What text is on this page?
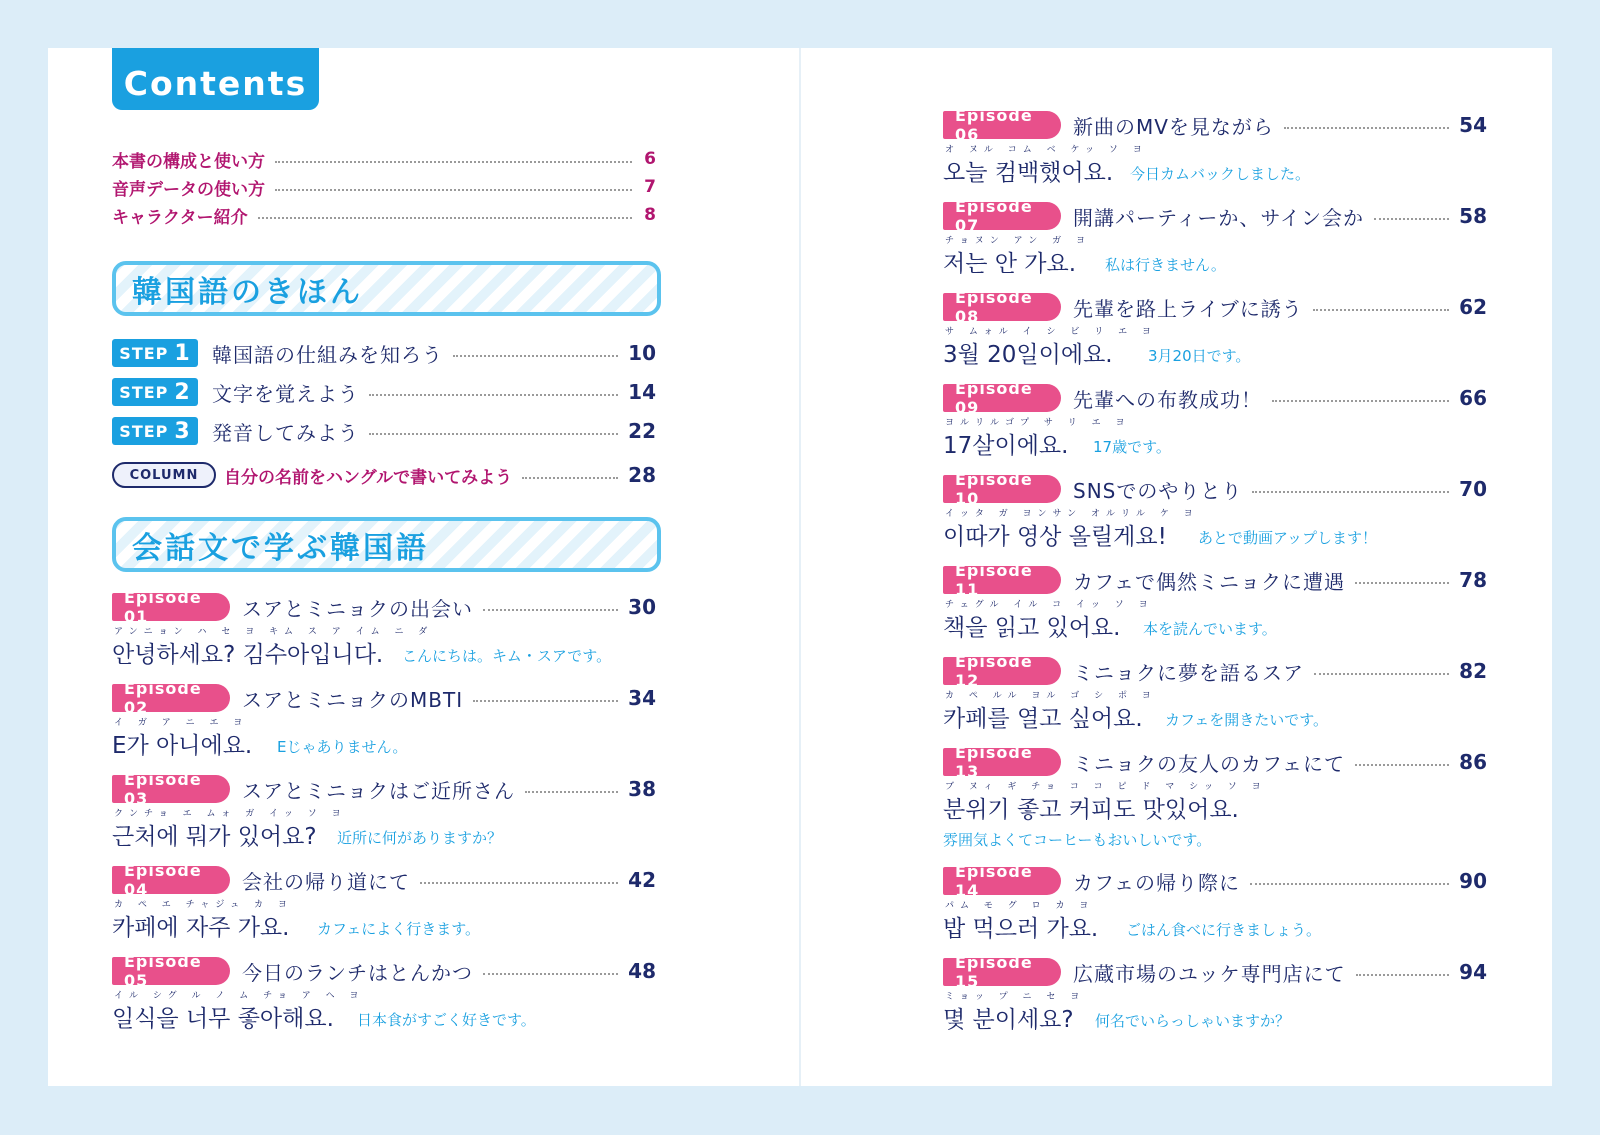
Contents
本書の構成と使い方	6
音声データの使い方	7
キャラクター紹介	8
韓国語のきほん
STEP 1 韓国語の仕組みを知ろう	10
STEP 2 文字を覚えよう	14
STEP 3 発音してみよう	22
COLUMN	自分の名前をハングルで書いてみよう	28
会話文で学ぶ韓国語
Episode 01	スアとミニョクの出会い	30
アンニョン ハ セ ヨ キム ス ア イム ニ ダ
안녕하세요? 김수아입니다. こんにちは。キム・スアです。
Episode 02	スアとミニョクのMBTI	34
イ ガ ア ニ エ ヨ
E가 아니에요. Eじゃありません。
Episode 03	スアとミニョクはご近所さん	38
クンチョ エ ムォ ガ イッ ソ ヨ
근처에 뭐가 있어요? 近所に何がありますか？
Episode 04	会社の帰り道にて	42
カ ペ エ チャジュ カ ヨ
카페에 자주 가요. カフェによく行きます。
Episode 05	今日のランチはとんかつ	48
イル シグ ル ノ ム チョ ア ヘ ヨ
일식을 너무 좋아해요. 日本食がすごく好きです。
Episode 06	新曲のMVを見ながら	54
オ ヌル コム ベ ケッ ソ ヨ
오늘 컴백했어요. 今日カムバックしました。
Episode 07	開講パーティーか、サイン会か	58
チョヌン アン ガ ヨ
저는 안 가요. 私は行きません。
Episode 08	先輩を路上ライブに誘う	62
サ ムォル イ シ ビ リ エ ヨ
3월 20일이에요. 3月20日です。
Episode 09	先輩への布教成功！	66
ヨルリルゴプ サ リ エ ヨ
17살이에요. 17歳です。
Episode 10	SNSでのやりとり	70
イッタ ガ ヨンサン オルリル ケ ヨ
이따가 영상 올릴게요! あとで動画アップします！
Episode 11	カフェで偶然ミニョクに遭遇	78
チェグル イル コ イッ ソ ヨ
책을 읽고 있어요. 本を読んでいます。
Episode 12	ミニョクに夢を語るスア	82
カ ペ ルル ヨル ゴ シ ポ ヨ
카페를 열고 싶어요. カフェを開きたいです。
Episode 13	ミニョクの友人のカフェにて	86
ブ ヌィ ギ チョ コ コ ピ ド マ シッ ソ ヨ
분위기 좋고 커피도 맛있어요.
雰囲気よくてコーヒーもおいしいです。
Episode 14	カフェの帰り際に	90
パム モ グ ロ カ ヨ
밥 먹으러 가요. ごはん食べに行きましょう。
Episode 15	広蔵市場のユッケ専門店にて	94
ミョッ プ ニ セ ヨ
몇 분이세요? 何名でいらっしゃいますか？
